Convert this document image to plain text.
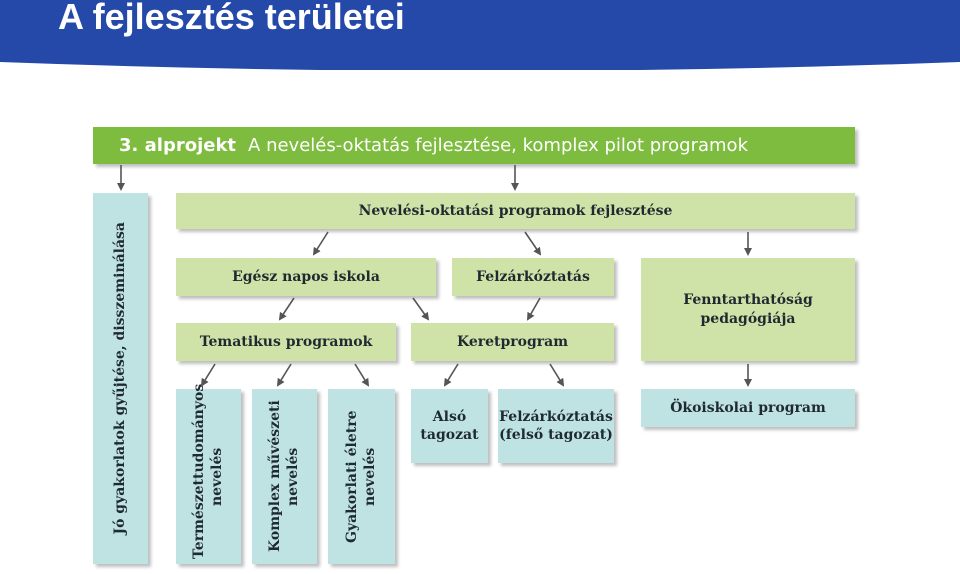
A fejlesztés területei
3. alprojekt A nevelés-oktatás fejlesztése, komplex pilot programok
Jó gyakorlatok gyűjtése, disszeminálása
Nevelési-oktatási programok fejlesztése
Egész napos iskola	Felzárkóztatás
Fenntarthatóság pedagógiája
Tematikus programok	Keretprogram
Ökoiskolai program
Természettudományos nevelés	Komplex művészeti nevelés	Gyakorlati életre nevelés
Alsó tagozat
Felzárkóztatás (felső tagozat)
